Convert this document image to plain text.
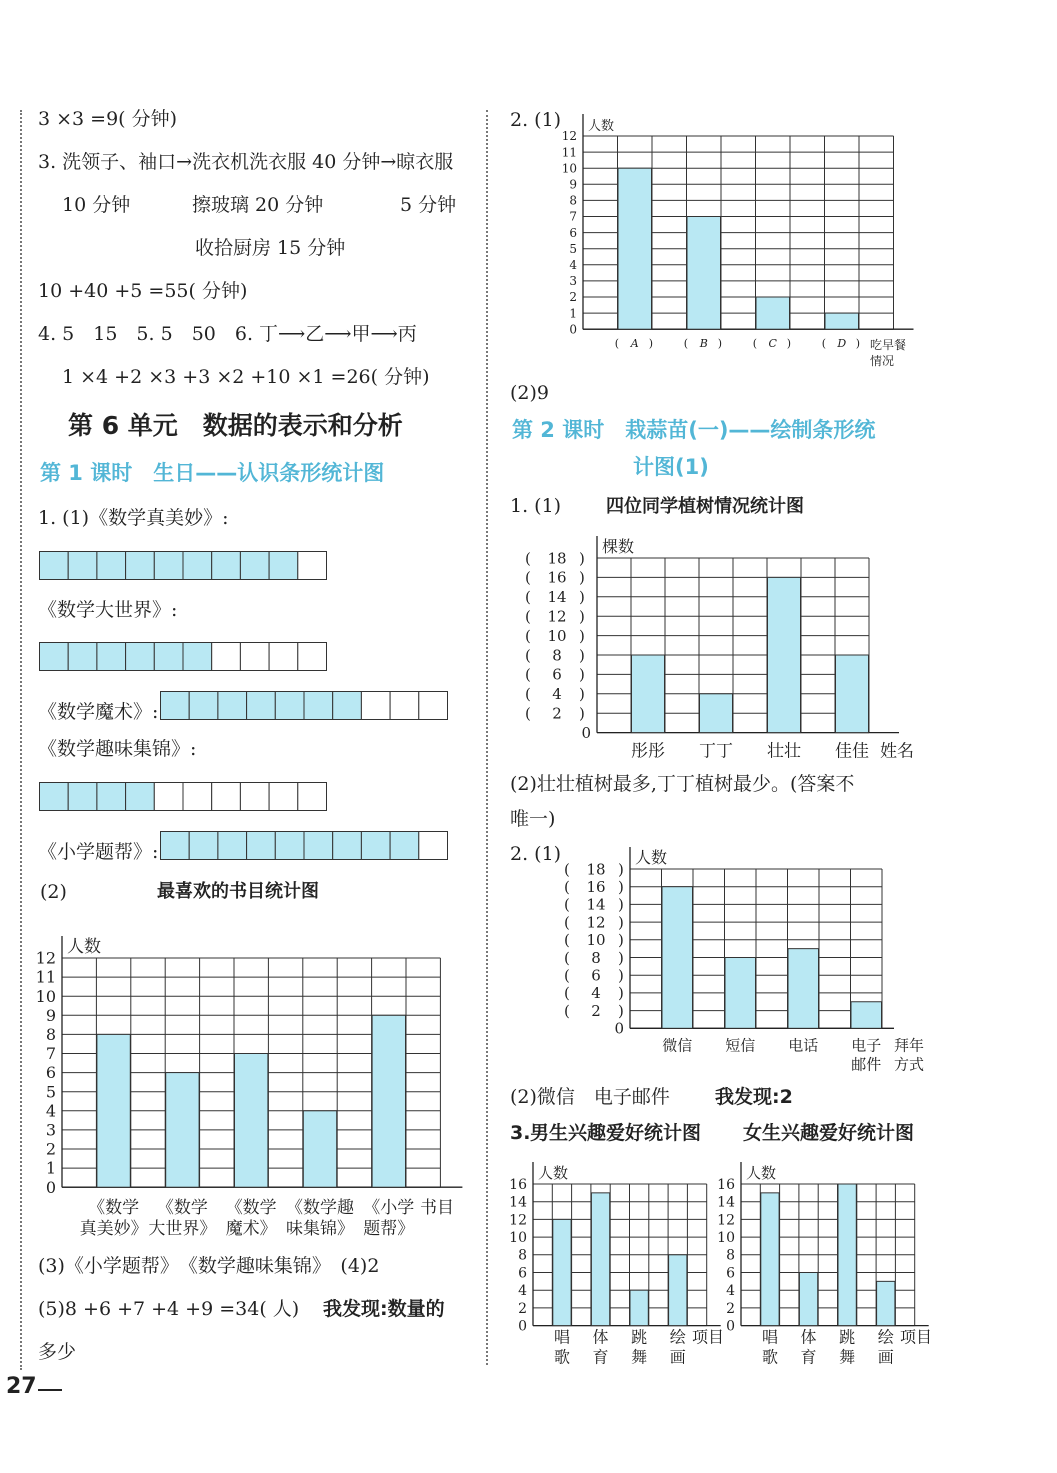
3 ×3 =9( 分钟)
3. 洗领子、袖口→洗衣机洗衣服 40 分钟→晾衣服
10 分钟	擦玻璃 20 分钟	5 分钟
收拾厨房 15 分钟
10 +40 +5 =55( 分钟)
4. 5　15　5. 5　50　6. 丁⟶乙⟶甲⟶丙
1 ×4 +2 ×3 +3 ×2 +10 ×1 =26( 分钟)
第 6 单元　数据的表示和分析
第 1 课时　生日——认识条形统计图
1. (1)《数学真美妙》:
《数学大世界》:
《数学魔术》:
《数学趣味集锦》:
《小学题帮》:
(2)	最喜欢的书目统计图
人数
0
1
2
3
4
5
6
7
8
9
10
11
12
《数学
真美妙》
《数学
大世界》
《数学
魔术》
《数学趣
味集锦》
《小学
题帮》
书目
(3)《小学题帮》　《数学趣味集锦》　(4)2
(5)8 +6 +7 +4 +9 =34( 人) 我发现:数量的
多少
27
2. (1) 人数
0
1
2
3
4
5
6
7
8
9
10
11
12
( A )	( B )	( C )	( D ) 吃早餐
情况
(2)9
第 2 课时　栽蒜苗(一)——绘制条形统
计图(1)
1. (1) 四位同学植树情况统计图
棵数
0
( 18 )
( 16 )
( 14 )
( 12 )
( 10 )
( 8 )
( 6 )
( 4 )
( 2 )
彤彤 丁丁 壮壮 佳佳 姓名
(2)壮壮植树最多,丁丁植树最少。(答案不
唯一)
2. (1)	人数
0
( 18 )
( 16 )
( 14 )
( 12 )
( 10 )
( 8 )
( 6 )
( 4 )
( 2 )
微信 短信 电话 电子
邮件
拜年
方式
(2)微信　电子邮件 我发现:2
3. 男生兴趣爱好统计图 女生兴趣爱好统计图
人数
0
2
4
6
8
10
12
14
16
唱
歌
体
育
跳
舞
绘
画
项目
人数
0
2
4
6
8
10
12
14
16
唱
歌
体
育
跳
舞
绘
画
项目
